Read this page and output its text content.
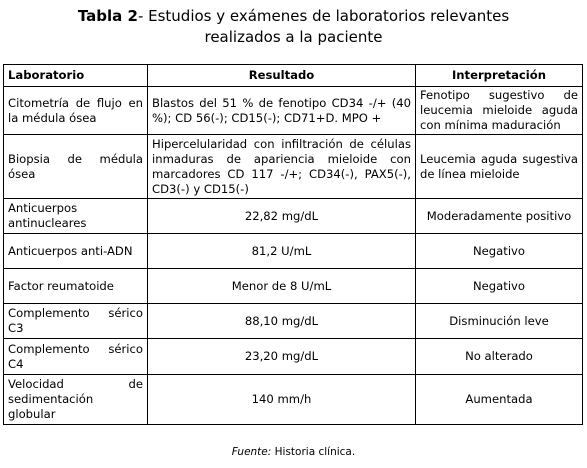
Tabla 2- Estudios y exámenes de laboratorios relevantes
realizados a la paciente
Laboratorio	Resultado	Interpretación
Citometría de flujo en la médula ósea	Blastos del 51 % de fenotipo CD34 -/+ (40 %); CD 56(-); CD15(-); CD71+D. MPO +	Fenotipo sugestivo de leucemia mieloide aguda con mínima maduración
Biopsia de médula ósea	Hipercelularidad con infiltración de células inmaduras de apariencia mieloide con marcadores CD 117 -/+; CD34(-), PAX5(-), CD3(-) y CD15(-)	Leucemia aguda sugestiva de línea mieloide
Anticuerpos antinucleares	22,82 mg/dL	Moderadamente positivo
Anticuerpos anti-ADN	81,2 U/mL	Negativo
Factor reumatoide	Menor de 8 U/mL	Negativo
Complemento sérico C3	88,10 mg/dL	Disminución leve
Complemento sérico C4	23,20 mg/dL	No alterado
Velocidad de sedimentación globular	140 mm/h	Aumentada
Fuente: Historia clínica.
